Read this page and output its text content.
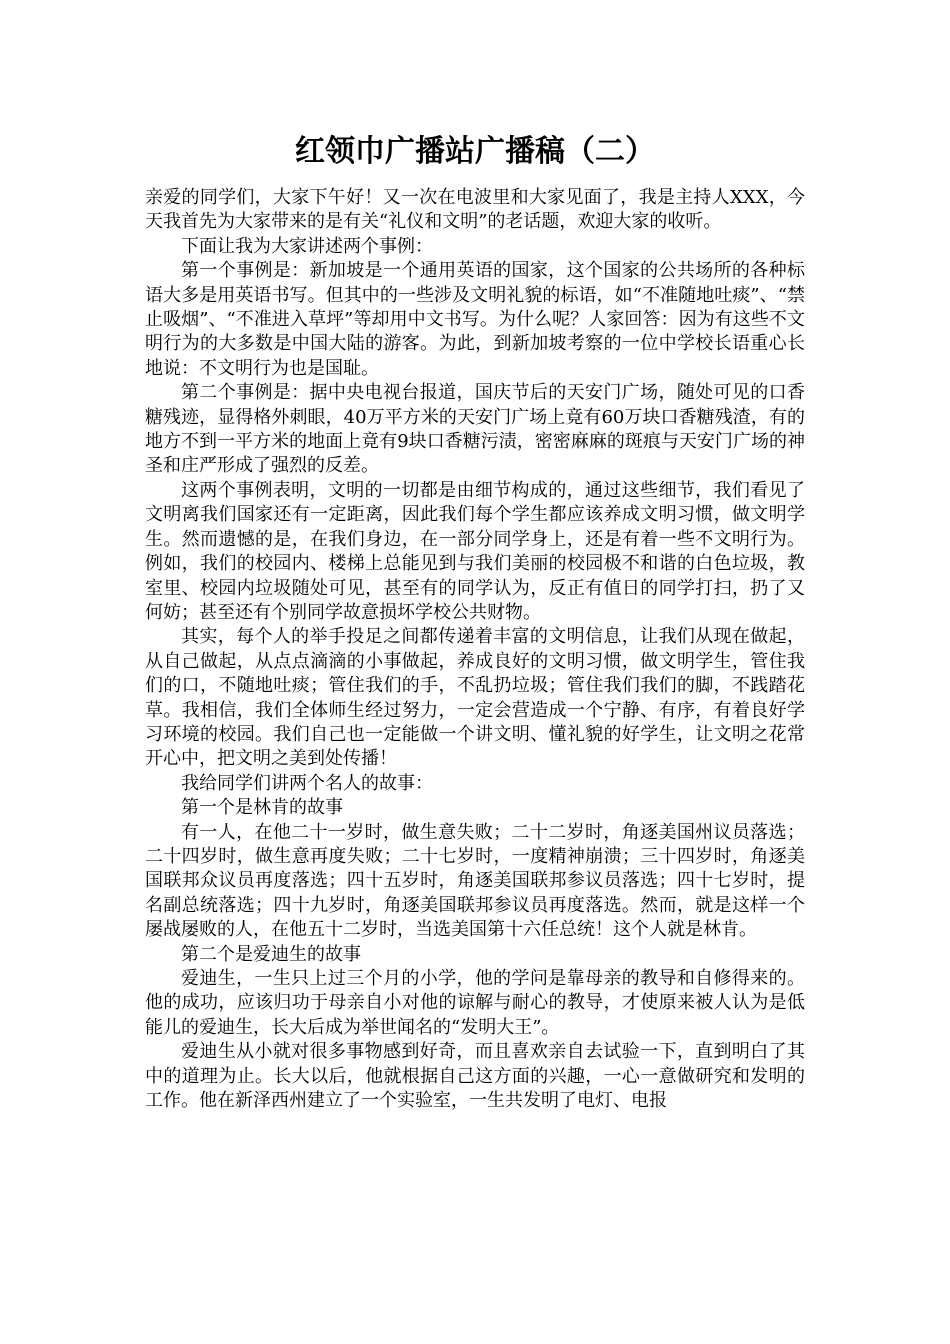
红领巾广播站广播稿（二）

亲爱的同学们，大家下午好！又一次在电波里和大家见面了，我是主持人XXX，今天我首先为大家带来的是有关“礼仪和文明”的老话题，欢迎大家的收听。

下面让我为大家讲述两个事例：

第一个事例是：新加坡是一个通用英语的国家，这个国家的公共场所的各种标语大多是用英语书写。但其中的一些涉及文明礼貌的标语，如“不准随地吐痰”、“禁止吸烟”、“不准进入草坪”等却用中文书写。为什么呢？人家回答：因为有这些不文明行为的大多数是中国大陆的游客。为此，到新加坡考察的一位中学校长语重心长地说：不文明行为也是国耻。

第二个事例是：据中央电视台报道，国庆节后的天安门广场，随处可见的口香糖残迹，显得格外刺眼，40万平方米的天安门广场上竟有60万块口香糖残渣，有的地方不到一平方米的地面上竟有9块口香糖污渍，密密麻麻的斑痕与天安门广场的神圣和庄严形成了强烈的反差。

这两个事例表明，文明的一切都是由细节构成的，通过这些细节，我们看见了文明离我们国家还有一定距离，因此我们每个学生都应该养成文明习惯，做文明学生。然而遗憾的是，在我们身边，在一部分同学身上，还是有着一些不文明行为。例如，我们的校园内、楼梯上总能见到与我们美丽的校园极不和谐的白色垃圾，教室里、校园内垃圾随处可见，甚至有的同学认为，反正有值日的同学打扫，扔了又何妨；甚至还有个别同学故意损坏学校公共财物。

其实，每个人的举手投足之间都传递着丰富的文明信息，让我们从现在做起，从自己做起，从点点滴滴的小事做起，养成良好的文明习惯，做文明学生，管住我们的口，不随地吐痰；管住我们的手，不乱扔垃圾；管住我们我们的脚，不践踏花草。我相信，我们全体师生经过努力，一定会营造成一个宁静、有序，有着良好学习环境的校园。我们自己也一定能做一个讲文明、懂礼貌的好学生，让文明之花常开心中，把文明之美到处传播！

我给同学们讲两个名人的故事：

第一个是林肯的故事

有一人，在他二十一岁时，做生意失败；二十二岁时，角逐美国州议员落选；二十四岁时，做生意再度失败；二十七岁时，一度精神崩溃；三十四岁时，角逐美国联邦众议员再度落选；四十五岁时，角逐美国联邦参议员落选；四十七岁时，提名副总统落选；四十九岁时，角逐美国联邦参议员再度落选。然而，就是这样一个屡战屡败的人，在他五十二岁时，当选美国第十六任总统！这个人就是林肯。

第二个是爱迪生的故事

爱迪生，一生只上过三个月的小学，他的学问是靠母亲的教导和自修得来的。他的成功，应该归功于母亲自小对他的谅解与耐心的教导，才使原来被人认为是低能儿的爱迪生，长大后成为举世闻名的“发明大王”。

爱迪生从小就对很多事物感到好奇，而且喜欢亲自去试验一下，直到明白了其中的道理为止。长大以后，他就根据自己这方面的兴趣，一心一意做研究和发明的工作。他在新泽西州建立了一个实验室，一生共发明了电灯、电报
